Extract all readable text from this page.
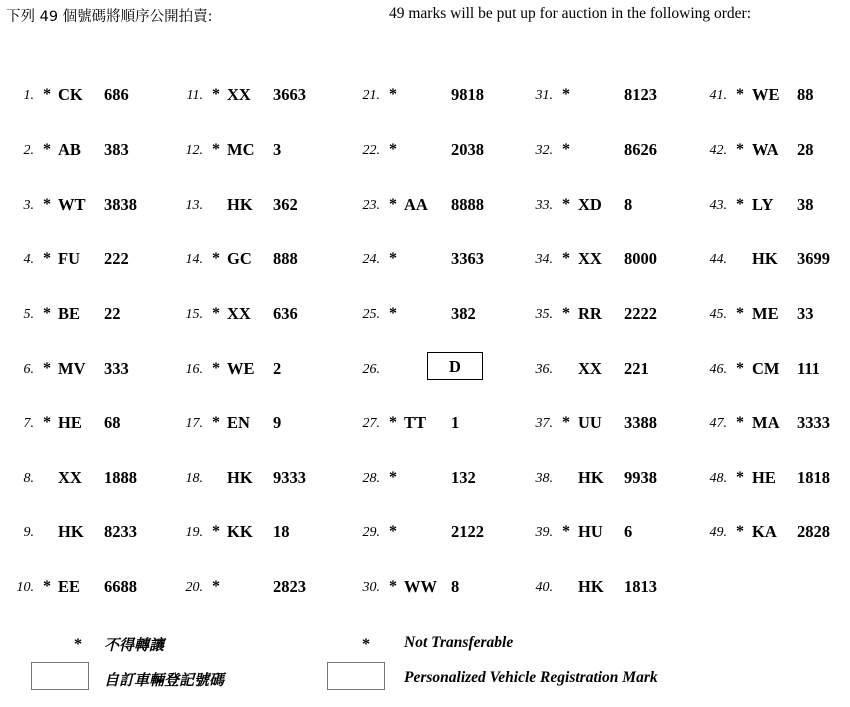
下列 49 個號碼將順序公開拍賣:	49 marks will be put up for auction in the following order:
1. * CK 686	11. * XX 3663	21. *	9818	31. *	8123	41. * WE 88
2. * AB 383	12. * MC 3	22. *	2038	32. *	8626	42. * WA 28
3. * WT 3838	13. HK 362	23. * AA 8888	33. * XD 8	43. * LY 38
4. * FU 222	14. * GC 888	24. *	3363	34. * XX 8000	44. HK 3699
5. * BE 22	15. * XX 636	25. *	382	35. * RR 2222	45. * ME 33
6. * MV 333	16. * WE 2	26.	D	36. XX 221	46. * CM 111
7. * HE 68	17. * EN 9	27. * TT 1	37. * UU 3388	47. * MA 3333
8. XX 1888	18. HK 9333	28. *	132	38. HK 9938	48. * HE 1818
9. HK 8233	19. * KK 18	29. *	2122	39. * HU 6	49. * KA 2828
10. * EE 6688	20. *	2823	30. * WW 8	40. HK 1813
* 不得轉讓	* Not Transferable
自訂車輛登記號碼	Personalized Vehicle Registration Mark
